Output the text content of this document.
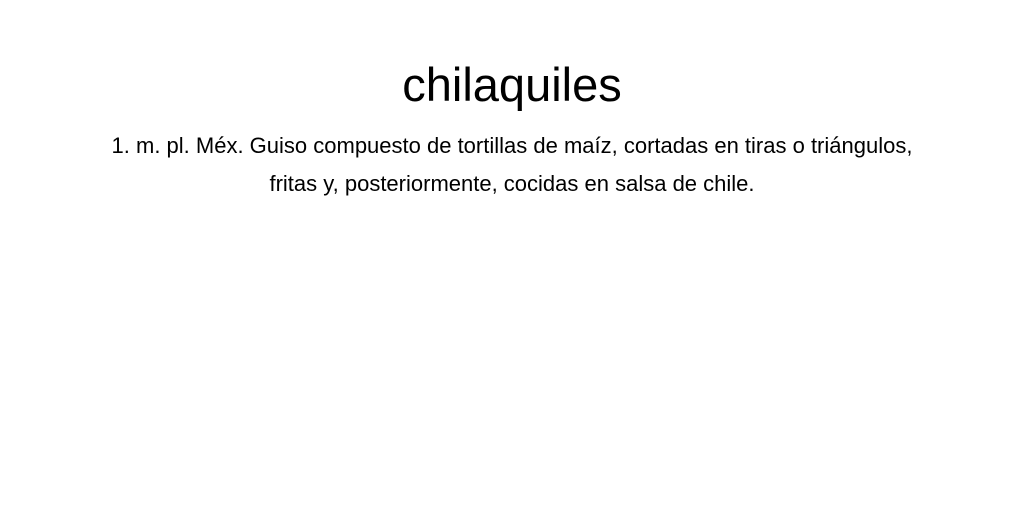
chilaquiles

1. m. pl. Méx. Guiso compuesto de tortillas de maíz, cortadas en tiras o triángulos, fritas y, posteriormente, cocidas en salsa de chile.
